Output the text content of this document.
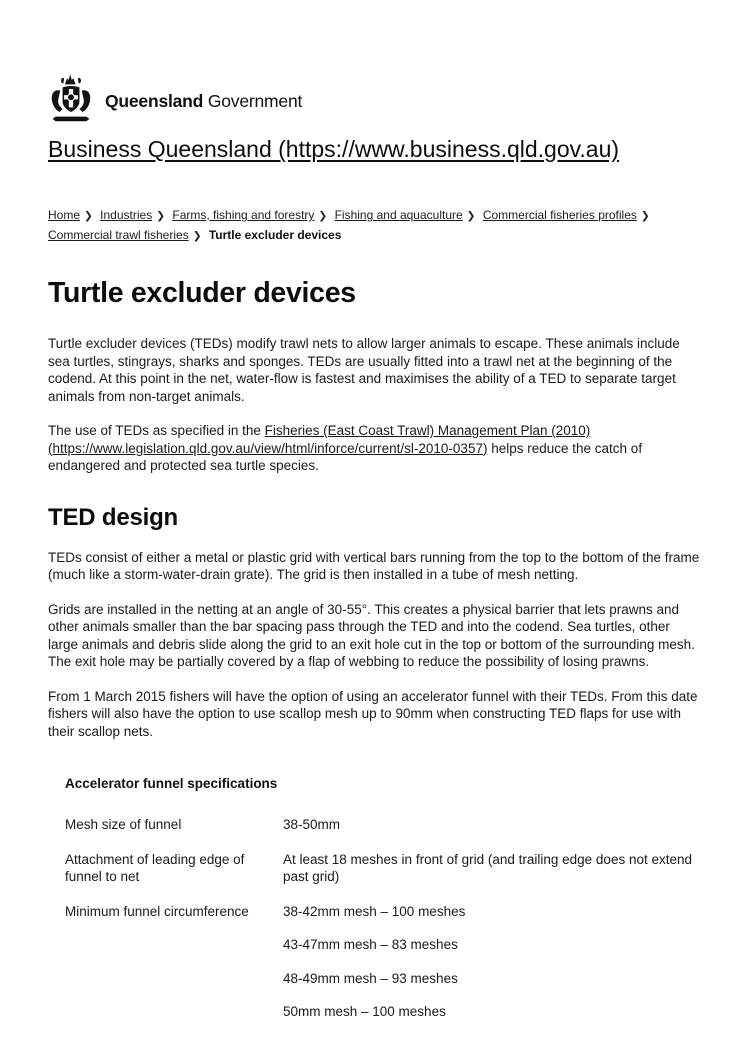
Queensland Government
Business Queensland (https://www.business.qld.gov.au)
Home ❯ Industries ❯ Farms, fishing and forestry ❯ Fishing and aquaculture ❯ Commercial fisheries profiles ❯ Commercial trawl fisheries ❯ Turtle excluder devices
Turtle excluder devices

Turtle excluder devices (TEDs) modify trawl nets to allow larger animals to escape. These animals include sea turtles, stingrays, sharks and sponges. TEDs are usually fitted into a trawl net at the beginning of the codend. At this point in the net, water-flow is fastest and maximises the ability of a TED to separate target animals from non-target animals.

The use of TEDs as specified in the Fisheries (East Coast Trawl) Management Plan (2010) (https://www.legislation.qld.gov.au/view/html/inforce/current/sl-2010-0357) helps reduce the catch of endangered and protected sea turtle species.

TED design

TEDs consist of either a metal or plastic grid with vertical bars running from the top to the bottom of the frame (much like a storm-water-drain grate). The grid is then installed in a tube of mesh netting.

Grids are installed in the netting at an angle of 30-55°. This creates a physical barrier that lets prawns and other animals smaller than the bar spacing pass through the TED and into the codend. Sea turtles, other large animals and debris slide along the grid to an exit hole cut in the top or bottom of the surrounding mesh. The exit hole may be partially covered by a flap of webbing to reduce the possibility of losing prawns.

From 1 March 2015 fishers will have the option of using an accelerator funnel with their TEDs. From this date fishers will also have the option to use scallop mesh up to 90mm when constructing TED flaps for use with their scallop nets.

Accelerator funnel specifications
Mesh size of funnel	38-50mm

Attachment of leading edge of funnel to net

At least 18 meshes in front of grid (and trailing edge does not extend past grid)

Minimum funnel circumference	38-42mm mesh – 100 meshes

43-47mm mesh – 83 meshes

48-49mm mesh – 93 meshes

50mm mesh – 100 meshes
